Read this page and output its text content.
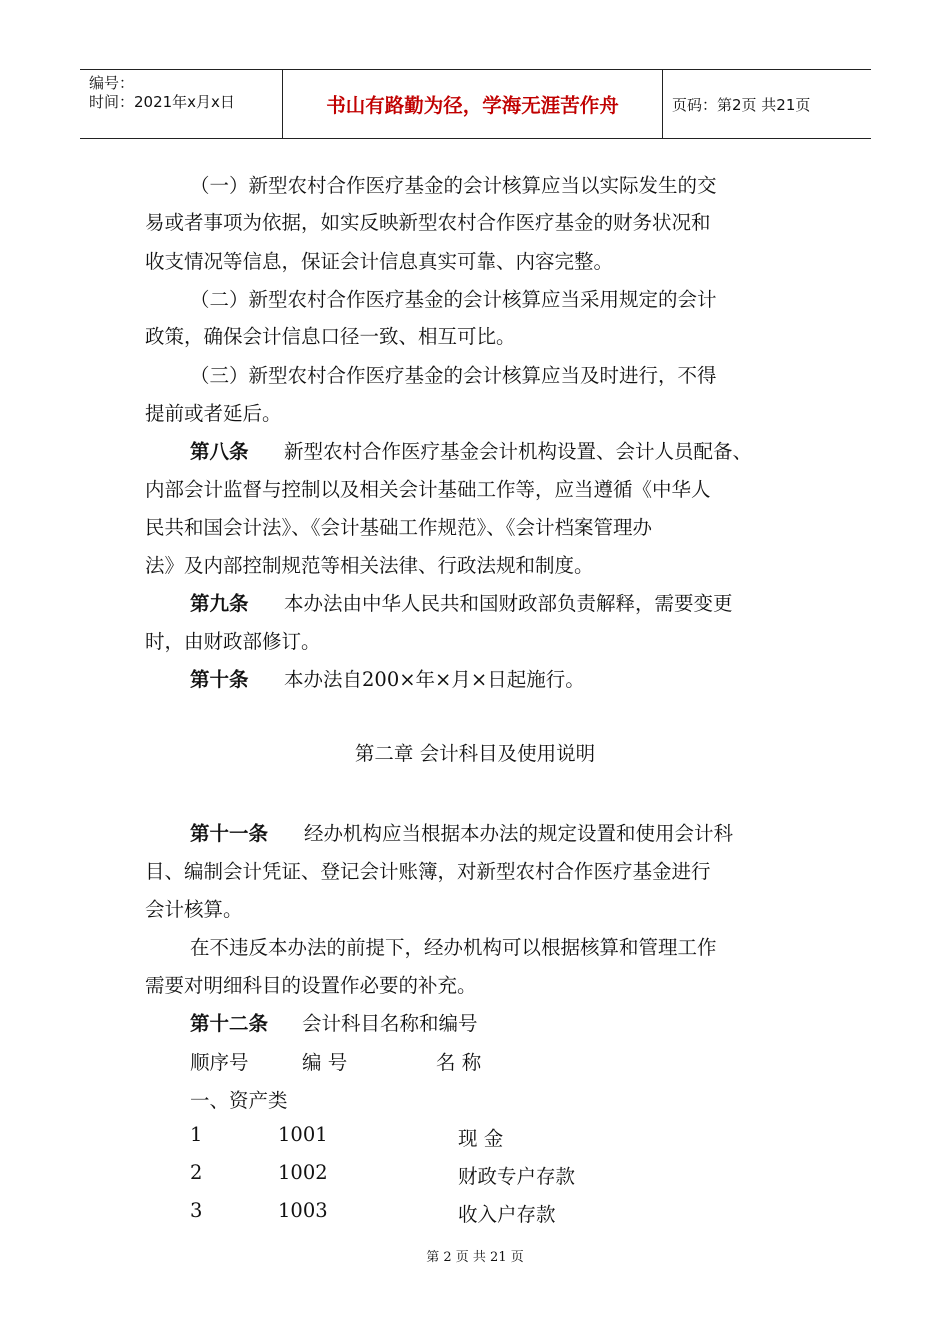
编号：
时间：2021年x月x日	书山有路勤为径，学海无涯苦作舟	页码：第2页 共21页
（一）新型农村合作医疗基金的会计核算应当以实际发生的交
易或者事项为依据，如实反映新型农村合作医疗基金的财务状况和
收支情况等信息，保证会计信息真实可靠、内容完整。
（二）新型农村合作医疗基金的会计核算应当采用规定的会计
政策，确保会计信息口径一致、相互可比。
（三）新型农村合作医疗基金的会计核算应当及时进行，不得
提前或者延后。
第八条 新型农村合作医疗基金会计机构设置、会计人员配备、
内部会计监督与控制以及相关会计基础工作等，应当遵循《中华人
民共和国会计法》、《会计基础工作规范》、《会计档案管理办
法》及内部控制规范等相关法律、行政法规和制度。
第九条 本办法由中华人民共和国财政部负责解释，需要变更
时，由财政部修订。
第十条 本办法自200×年×月×日起施行。
第二章 会计科目及使用说明
第十一条 经办机构应当根据本办法的规定设置和使用会计科
目、编制会计凭证、登记会计账簿，对新型农村合作医疗基金进行
会计核算。
在不违反本办法的前提下，经办机构可以根据核算和管理工作
需要对明细科目的设置作必要的补充。
第十二条 会计科目名称和编号
顺序号	编 号	名 称
一、资产类
1	1001	现 金
2	1002	财政专户存款
3	1003	收入户存款
第 2 页 共 21 页
